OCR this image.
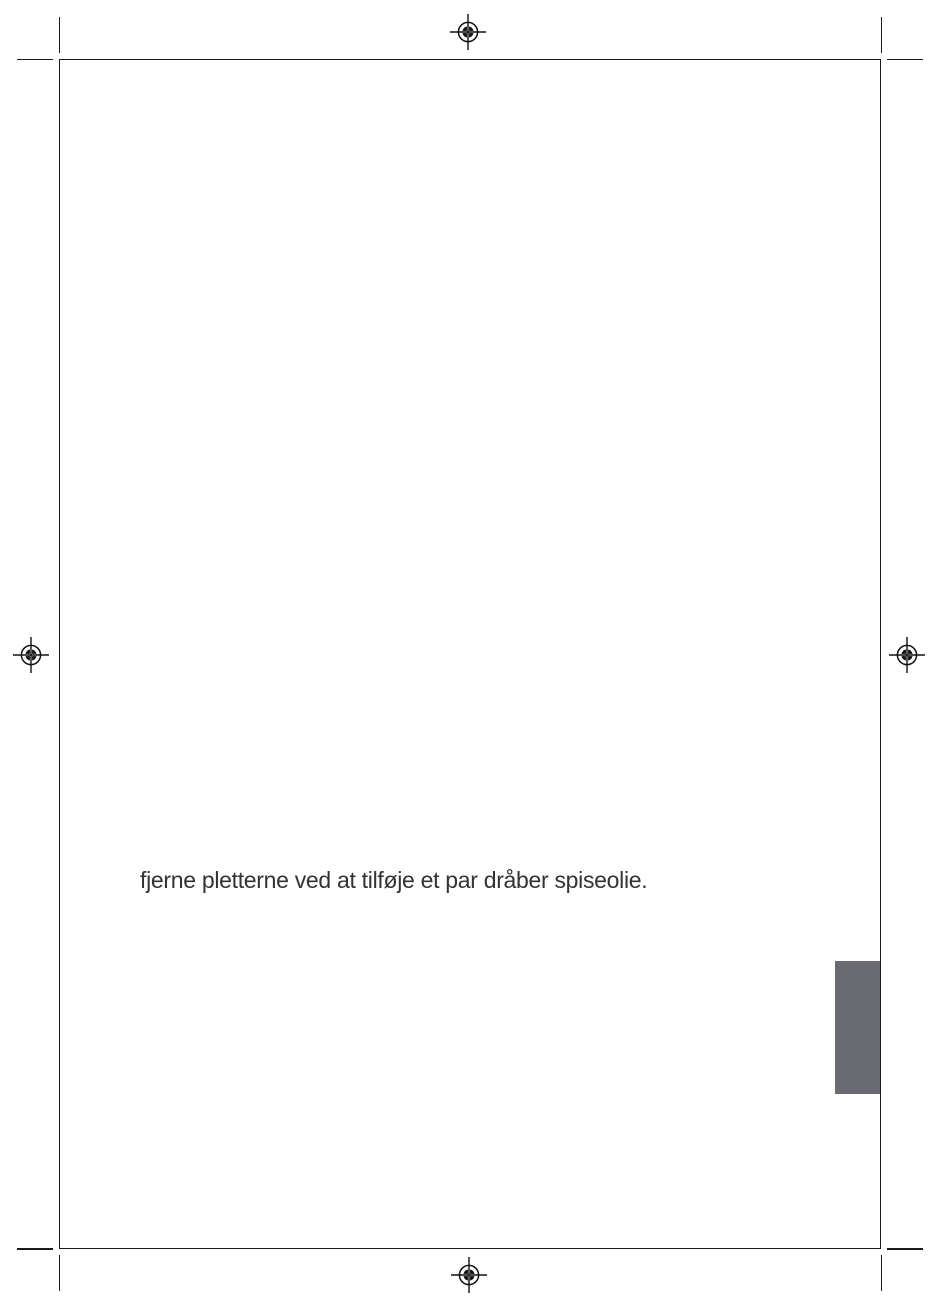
fjerne pletterne ved at tilføje et par dråber spiseolie.
